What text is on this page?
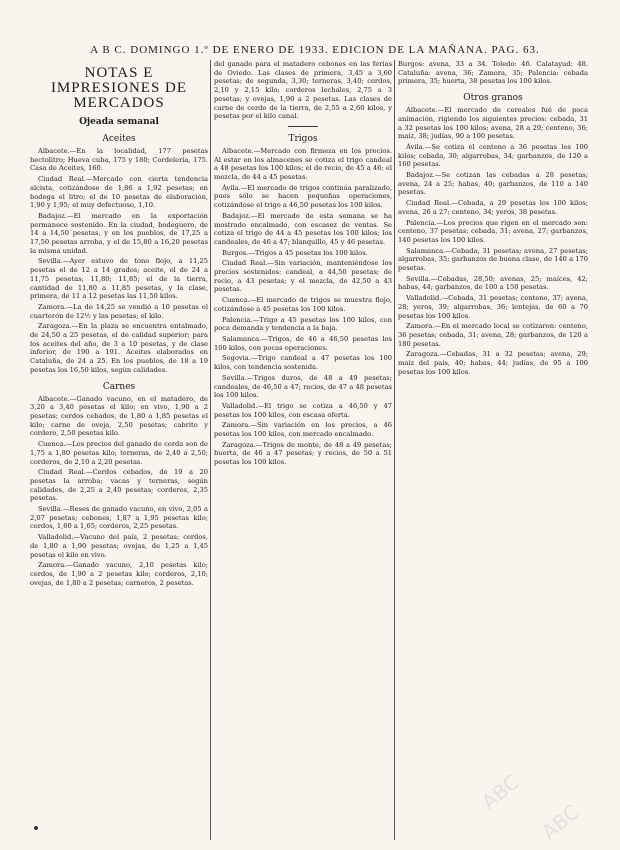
A B C. DOMINGO 1.º DE ENERO DE 1933. EDICION DE LA MAÑANA. PAG. 63.
NOTAS E IMPRESIONES DE MERCADOS
Ojeada semanal
Aceites

Albacete.—En la localidad, 177 pesetas hectolitro; Hueva cuba, 175 y 180; Cordelería, 175. Casa de Aceites, 160.

Ciudad Real.—Mercado con cierta tendencia alcista, cotizándose de 1,86 a 1,92 pesetas; en bodega el litro; el de 10 pesetas de elaboración, 1,90 y 1,95; el muy defectuoso, 1,10.

Badajoz.—El mercado en la exportación permanece sostenido. En la ciudad, bodeguero, de 14 a 14,50 pesetas, y en los pueblos, de 17,25 a 17,50 pesetas arroba, y el de 15,80 a 16,20 pesetas la misma unidad.

Sevilla.—Ayer estuvo de tono flojo, a 11,25 pesetas el de 12 a 14 grados; aceite, el de 24 a 11,75 pesetas; 11,80; 11,85; el de la tierra, cantidad de 11,80 a 11,85 pesetas, y la clase, primera, de 11 a 12 pesetas las 11,50 kilos.

Zamora.—La de 14,25 se vendió a 10 pesetas el cuarterón de 12½ y las pesetas; el kilo.

Zaragoza.—En la plaza se encuentra entalmado, de 24,50 a 25 pesetas, el de calidad superior; para los aceites del año, de 3 a 10 pesetas, y de clase inferior, de 190 a 191. Aceites elaborados en Cataluña, de 24 a 25. En los pueblos, de 18 a 19 pesetas los 16,50 kilos, según calidades.

Carnes

Albacete.—Ganado vacuno, en el matadero, de 3,20 a 3,40 pesetas el kilo; en vivo, 1,90 a 2 pesetas; cerdos cebados, de 1,80 a 1,85 pesetas el kilo; carne de oveja, 2,50 pesetas; cabrito y cordero, 2,50 pesetas kilo.

Cuenca.—Los precios del ganado de cerda son de 1,75 a 1,80 pesetas kilo; terneras, de 2,40 a 2,50; corderos, de 2,10 a 2,20 pesetas.

Ciudad Real.—Cerdos cebados, de 19 a 20 pesetas la arroba; vacas y terneras, según calidades, de 2,25 a 2,40 pesetas; corderos, 2,35 pesetas.

Sevilla.—Reses de ganado vacuno, en vivo, 2,05 a 2,07 pesetas; cebones, 1,87 a 1,95 pesetas kilo; cerdos, 1,60 a 1,65; corderos, 2,25 pesetas.

Valladolid.—Vacuno del país, 2 pesetas; cerdos, de 1,80 a 1,90 pesetas; ovejas, de 1,25 a 1,45 pesetas el kilo en vivo.

Zamora.—Ganado vacuno, 2,10 pesetas kilo; cerdos, de 1,90 a 2 pesetas kilo; corderos, 2,10; ovejas, de 1,80 a 2 pesetas; carneros, 2 pesetas.

del ganado para el matadero cebones en las ferias de Oviedo. Las clases de primera, 3,45 a 3,60 pesetas; de segunda, 3,30; terneras, 3,40; cerdos, 2,10 y 2,15 kilo; corderos lechales, 2,75 a 3 pesetas; y ovejas, 1,90 a 2 pesetas. Las clases de carne de cerdo de la tierra, de 2,55 a 2,60 kilos, y pesetas por el kilo canal.

Trigos

Albacete.—Mercado con firmeza en los precios. Al estar en los almacenes se cotiza el trigo candeal a 48 pesetas los 100 kilos; el de recio, de 45 a 46; el mezcla, de 44 a 45 pesetas.

Ávila.—El mercado de trigos continúa paralizado, pues sólo se hacen pequeñas operaciones, cotizándose el trigo a 46,50 pesetas los 100 kilos.

Badajoz.—El mercado de esta semana se ha mostrado encalmado, con escasez de ventas. Se cotiza el trigo de 44 a 45 pesetas los 100 kilos; los candeales, de 46 a 47; blanquillo, 45 y 46 pesetas.

Burgos.—Trigos a 45 pesetas los 100 kilos.

Ciudad Real.—Sin variación, manteniéndose los precios sostenidos: candeal, a 44,50 pesetas; de recio, a 43 pesetas; y el mezcla, de 42,50 a 43 pesetas.

Cuenca.—El mercado de trigos se muestra flojo, cotizándose a 45 pesetas los 100 kilos.

Palencia.—Trigo a 45 pesetas los 100 kilos, con poca demanda y tendencia a la baja.

Salamanca.—Trigos, de 46 a 46,50 pesetas los 100 kilos, con pocas operaciones.

Segovia.—Trigo candeal a 47 pesetas los 100 kilos, con tendencia sostenida.

Sevilla.—Trigos duros, de 48 a 49 pesetas; candeales, de 46,50 a 47; recios, de 47 a 48 pesetas los 100 kilos.

Valladolid.—El trigo se cotiza a 46,50 y 47 pesetas los 100 kilos, con escasa oferta.

Zamora.—Sin variación en los precios, a 46 pesetas los 100 kilos, con mercado encalmado.

Zaragoza.—Trigos de monte, de 48 a 49 pesetas; huerta, de 46 a 47 pesetas; y recios, de 50 a 51 pesetas los 100 kilos.

Burgos: avena, 33 a 34. Toledo: 46. Calatayud: 48. Cataluña: avena, 36; Zamora, 35; Palencia: cebada primera, 35; huerta, 38 pesetas los 100 kilos.

Otros granos

Albacete.—El mercado de cereales fué de poca animación, rigiendo los siguientes precios: cebada, 31 a 32 pesetas los 100 kilos; avena, 28 a 29; centeno, 36; maíz, 38; judías, 90 a 100 pesetas.

Ávila.—Se cotiza el centeno a 36 pesetas los 100 kilos; cebada, 30; algarrobas, 34; garbanzos, de 120 a 160 pesetas.

Badajoz.—Se cotizan las cebadas a 28 pesetas; avena, 24 a 25; habas, 40; garbanzos, de 110 a 140 pesetas.

Ciudad Real.—Cebada, a 29 pesetas los 100 kilos; avena, 26 a 27; centeno, 34; yeros, 38 pesetas.

Palencia.—Los precios que rigen en el mercado son: centeno, 37 pesetas; cebada, 31; avena, 27; garbanzos, 140 pesetas los 100 kilos.

Salamanca.—Cebada, 31 pesetas; avena, 27 pesetas; algarrobas, 35; garbanzos de buena clase, de 140 a 170 pesetas.

Sevilla.—Cebadas, 28,50; avenas, 25; maíces, 42; habas, 44; garbanzos, de 100 a 150 pesetas.

Valladolid.—Cebada, 31 pesetas; centeno, 37; avena, 28; yeros, 39; algarrobas, 36; lentejas, de 60 a 70 pesetas los 100 kilos.

Zamora.—En el mercado local se cotizaron: centeno, 36 pesetas; cebada, 31; avena, 28; garbanzos, de 120 a 180 pesetas.

Zaragoza.—Cebadas, 31 a 32 pesetas; avena, 29; maíz del país, 40; habas, 44; judías, de 95 a 100 pesetas los 100 kilos.

ABC
ABC
